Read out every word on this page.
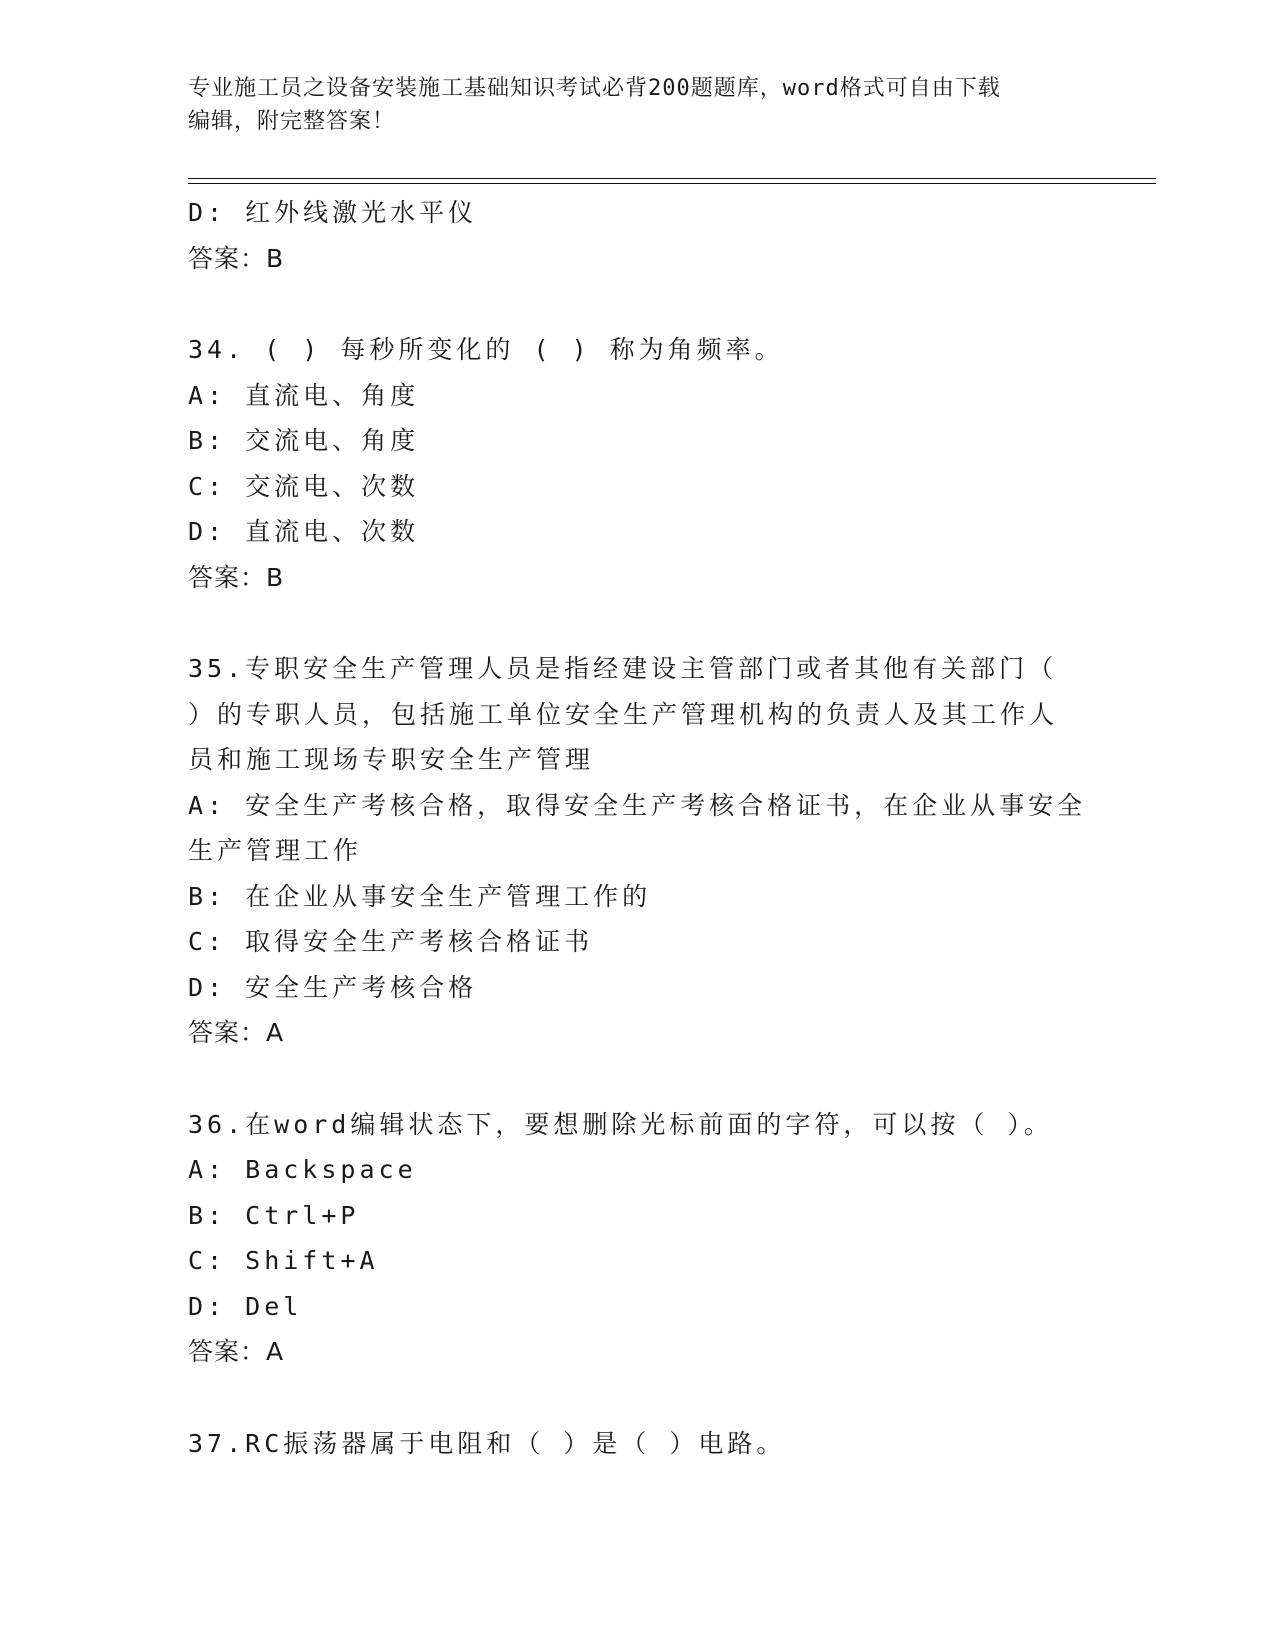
专业施工员之设备安装施工基础知识考试必背200题题库，word格式可自由下载
编辑，附完整答案！

D: 红外线激光水平仪

答案：B

34. ( ) 每秒所变化的 ( ) 称为角频率。

A: 直流电、角度

B: 交流电、角度

C: 交流电、次数

D: 直流电、次数

答案：B

35.专职安全生产管理人员是指经建设主管部门或者其他有关部门（

）的专职人员，包括施工单位安全生产管理机构的负责人及其工作人

员和施工现场专职安全生产管理

A: 安全生产考核合格，取得安全生产考核合格证书，在企业从事安全

生产管理工作

B: 在企业从事安全生产管理工作的

C: 取得安全生产考核合格证书

D: 安全生产考核合格

答案：A

36.在word编辑状态下，要想删除光标前面的字符，可以按（ ）。

A: Backspace

B: Ctrl+P

C: Shift+A

D: Del

答案：A

37.RC振荡器属于电阻和（ ）是（ ）电路。
